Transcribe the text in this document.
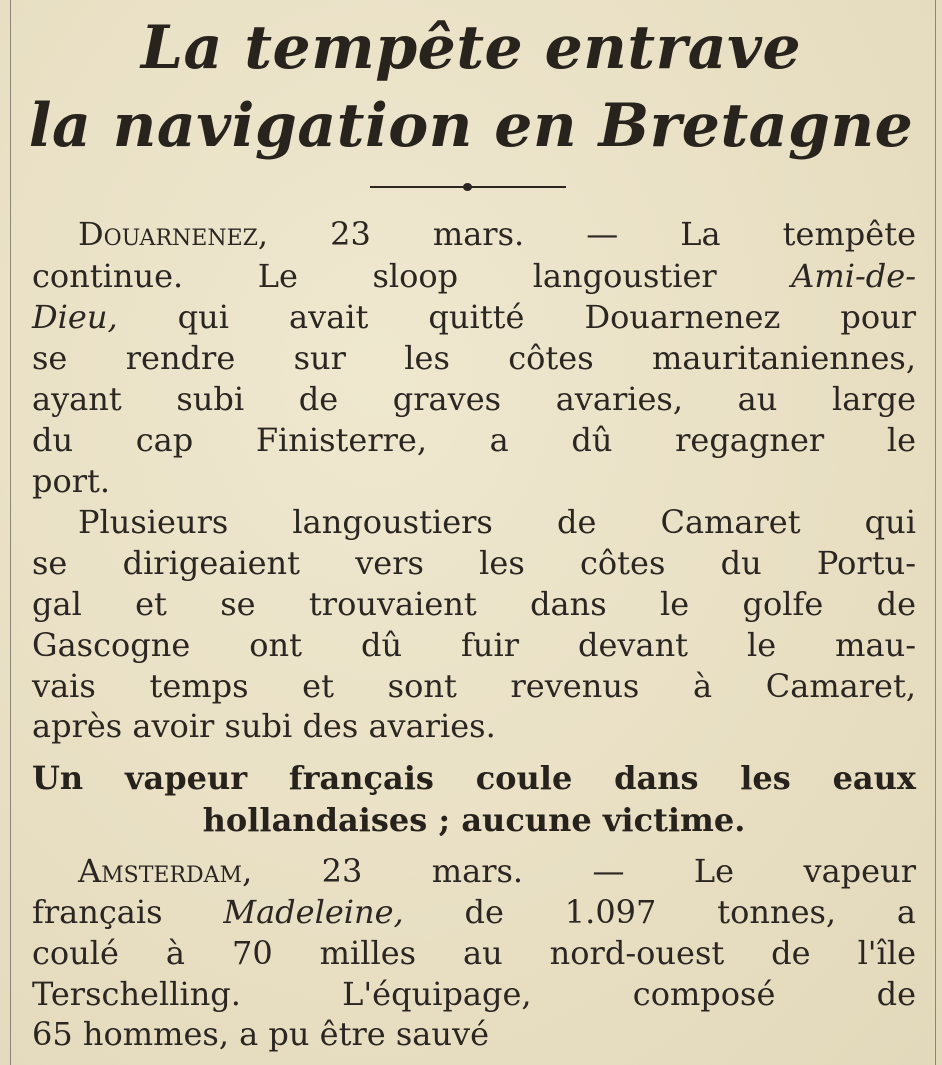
La tempête entrave
la navigation en Bretagne
Douarnenez, 23 mars. — La tempête
continue. Le sloop langoustier Ami-de-
Dieu, qui avait quitté Douarnenez pour
se rendre sur les côtes mauritaniennes,
ayant subi de graves avaries, au large
du cap Finisterre, a dû regagner le
port.
Plusieurs langoustiers de Camaret qui
se dirigeaient vers les côtes du Portu-
gal et se trouvaient dans le golfe de
Gascogne ont dû fuir devant le mau-
vais temps et sont revenus à Camaret,
après avoir subi des avaries.
Un vapeur français coule dans les eaux
hollandaises ; aucune victime.
Amsterdam, 23 mars. — Le vapeur
français Madeleine, de 1.097 tonnes, a
coulé à 70 milles au nord-ouest de l'île
Terschelling. L'équipage, composé de
65 hommes, a pu être sauvé
